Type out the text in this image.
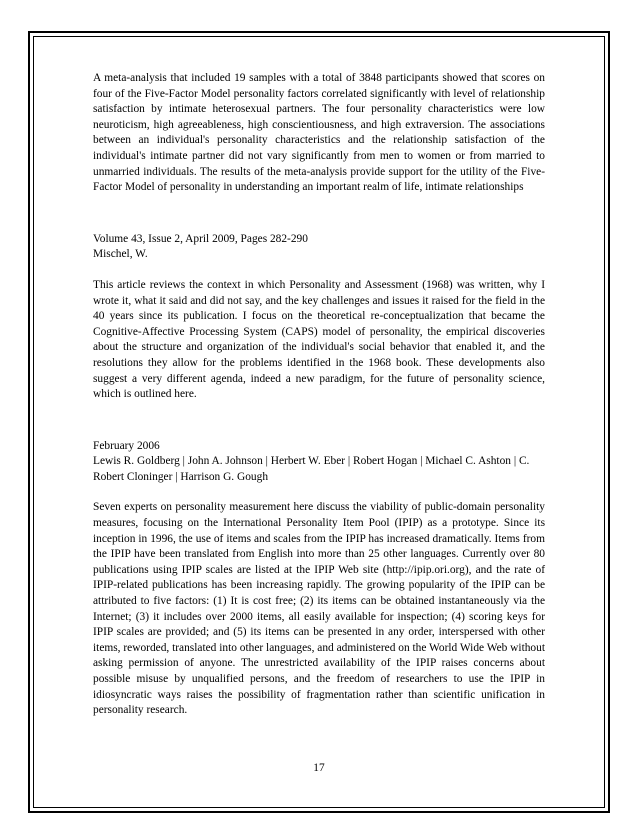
A meta-analysis that included 19 samples with a total of 3848 participants showed that scores on four of the Five-Factor Model personality factors correlated significantly with level of relationship satisfaction by intimate heterosexual partners. The four personality characteristics were low neuroticism, high agreeableness, high conscientiousness, and high extraversion. The associations between an individual's personality characteristics and the relationship satisfaction of the individual's intimate partner did not vary significantly from men to women or from married to unmarried individuals. The results of the meta-analysis provide support for the utility of the Five-Factor Model of personality in understanding an important realm of life, intimate relationships

Volume 43, Issue 2, April 2009, Pages 282-290
Mischel, W.

This article reviews the context in which Personality and Assessment (1968) was written, why I wrote it, what it said and did not say, and the key challenges and issues it raised for the field in the 40 years since its publication. I focus on the theoretical re-conceptualization that became the Cognitive-Affective Processing System (CAPS) model of personality, the empirical discoveries about the structure and organization of the individual's social behavior that enabled it, and the resolutions they allow for the problems identified in the 1968 book. These developments also suggest a very different agenda, indeed a new paradigm, for the future of personality science, which is outlined here.

February 2006
Lewis R. Goldberg | John A. Johnson | Herbert W. Eber | Robert Hogan | Michael C. Ashton | C. Robert Cloninger | Harrison G. Gough

Seven experts on personality measurement here discuss the viability of public-domain personality measures, focusing on the International Personality Item Pool (IPIP) as a prototype. Since its inception in 1996, the use of items and scales from the IPIP has increased dramatically. Items from the IPIP have been translated from English into more than 25 other languages. Currently over 80 publications using IPIP scales are listed at the IPIP Web site (http://ipip.ori.org), and the rate of IPIP-related publications has been increasing rapidly. The growing popularity of the IPIP can be attributed to five factors: (1) It is cost free; (2) its items can be obtained instantaneously via the Internet; (3) it includes over 2000 items, all easily available for inspection; (4) scoring keys for IPIP scales are provided; and (5) its items can be presented in any order, interspersed with other items, reworded, translated into other languages, and administered on the World Wide Web without asking permission of anyone. The unrestricted availability of the IPIP raises concerns about possible misuse by unqualified persons, and the freedom of researchers to use the IPIP in idiosyncratic ways raises the possibility of fragmentation rather than scientific unification in personality research.

17
